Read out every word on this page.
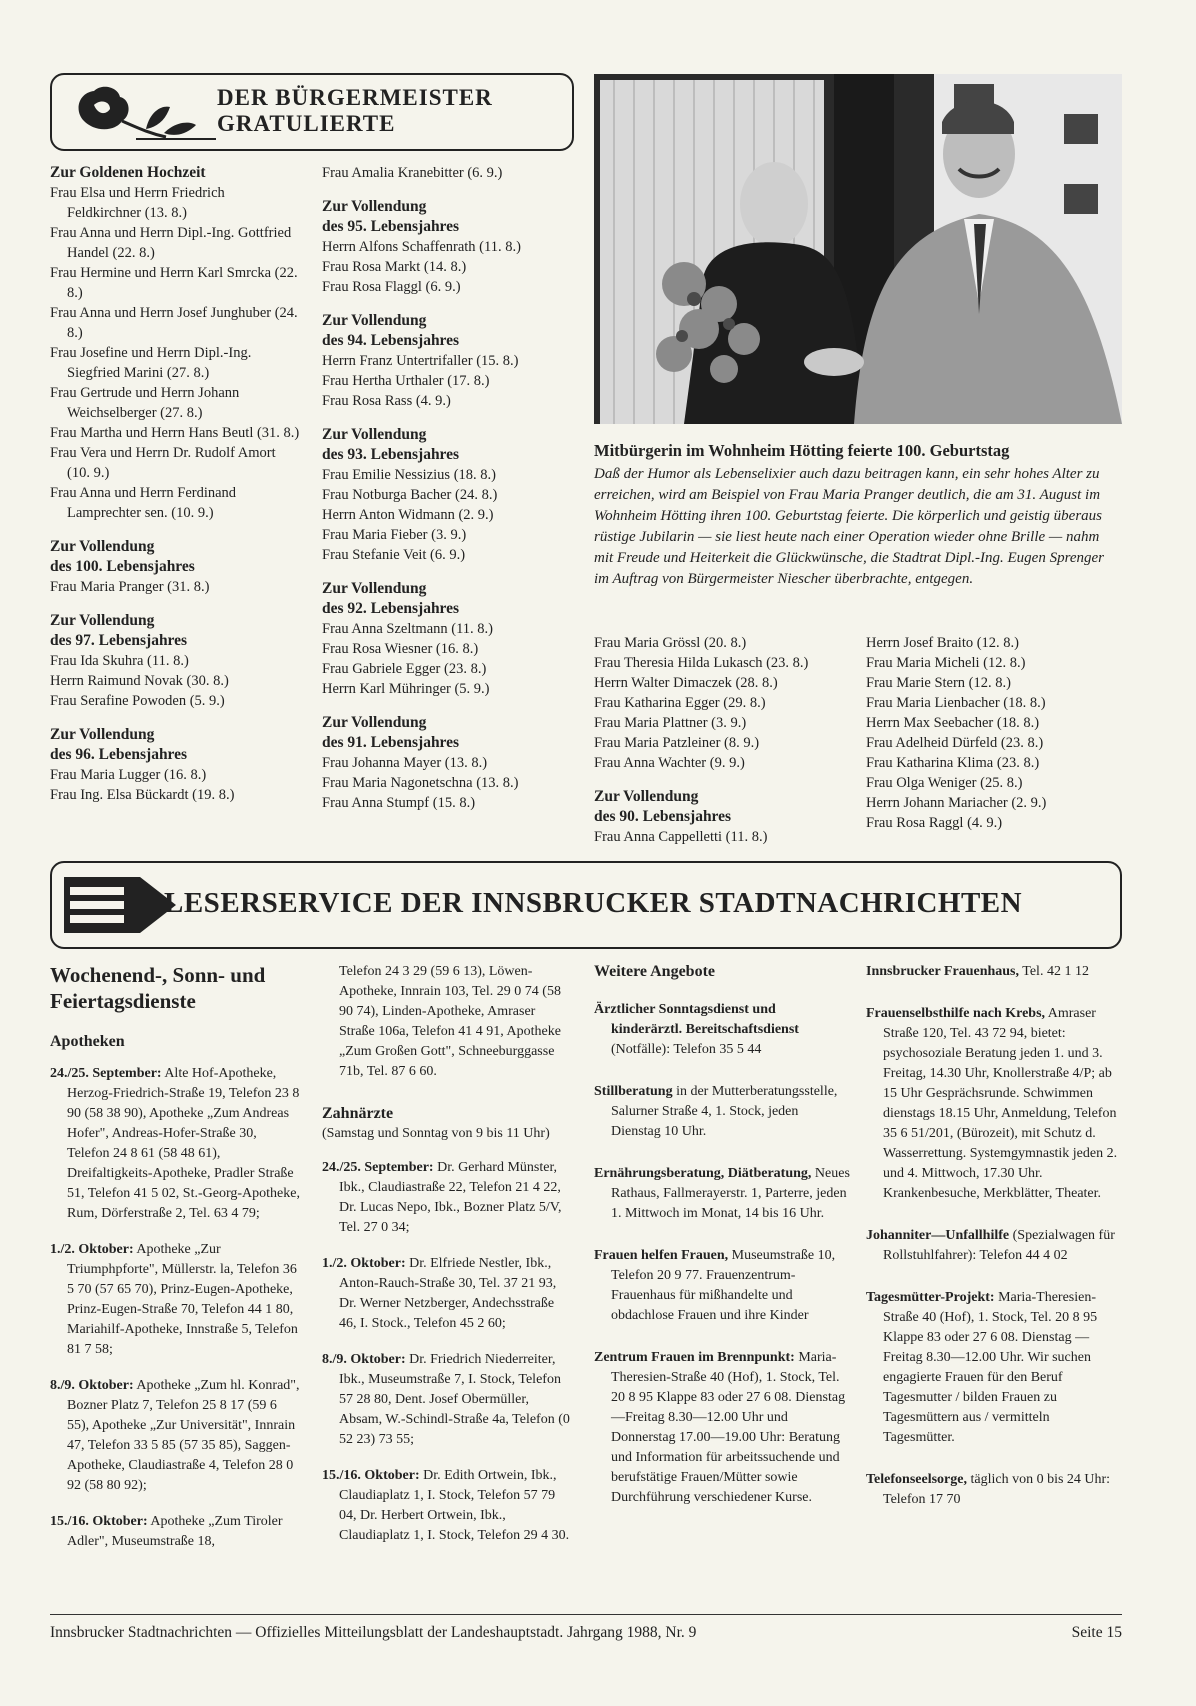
DER BÜRGERMEISTER
GRATULIERTE
Zur Goldenen Hochzeit

Frau Elsa und Herrn Friedrich Feldkirchner (13. 8.)

Frau Anna und Herrn Dipl.-Ing. Gottfried Handel (22. 8.)

Frau Hermine und Herrn Karl Smrcka (22. 8.)

Frau Anna und Herrn Josef Junghuber (24. 8.)

Frau Josefine und Herrn Dipl.-Ing. Siegfried Marini (27. 8.)

Frau Gertrude und Herrn Johann Weichselberger (27. 8.)

Frau Martha und Herrn Hans Beutl (31. 8.)

Frau Vera und Herrn Dr. Rudolf Amort (10. 9.)

Frau Anna und Herrn Ferdinand Lamprechter sen. (10. 9.)

Zur Vollendung
des 100. Lebensjahres

Frau Maria Pranger (31. 8.)

Zur Vollendung
des 97. Lebensjahres

Frau Ida Skuhra (11. 8.)

Herrn Raimund Novak (30. 8.)

Frau Serafine Powoden (5. 9.)

Zur Vollendung
des 96. Lebensjahres

Frau Maria Lugger (16. 8.)

Frau Ing. Elsa Bückardt (19. 8.)

Frau Amalia Kranebitter (6. 9.)

Zur Vollendung
des 95. Lebensjahres

Herrn Alfons Schaffenrath (11. 8.)

Frau Rosa Markt (14. 8.)

Frau Rosa Flaggl (6. 9.)

Zur Vollendung
des 94. Lebensjahres

Herrn Franz Untertrifaller (15. 8.)

Frau Hertha Urthaler (17. 8.)

Frau Rosa Rass (4. 9.)

Zur Vollendung
des 93. Lebensjahres

Frau Emilie Nessizius (18. 8.)

Frau Notburga Bacher (24. 8.)

Herrn Anton Widmann (2. 9.)

Frau Maria Fieber (3. 9.)

Frau Stefanie Veit (6. 9.)

Zur Vollendung
des 92. Lebensjahres

Frau Anna Szeltmann (11. 8.)

Frau Rosa Wiesner (16. 8.)

Frau Gabriele Egger (23. 8.)

Herrn Karl Mühringer (5. 9.)

Zur Vollendung
des 91. Lebensjahres

Frau Johanna Mayer (13. 8.)

Frau Maria Nagonetschna (13. 8.)

Frau Anna Stumpf (15. 8.)

Mitbürgerin im Wohnheim Hötting feierte 100. Geburtstag
Daß der Humor als Lebenselixier auch dazu beitragen kann, ein sehr hohes Alter zu erreichen, wird am Beispiel von Frau Maria Pranger deutlich, die am 31. August im Wohnheim Hötting ihren 100. Geburtstag feierte. Die körperlich und geistig überaus rüstige Jubilarin — sie liest heute nach einer Operation wieder ohne Brille — nahm mit Freude und Heiterkeit die Glückwünsche, die Stadtrat Dipl.-Ing. Eugen Sprenger im Auftrag von Bürgermeister Niescher überbrachte, entgegen.

Frau Maria Grössl (20. 8.)

Frau Theresia Hilda Lukasch (23. 8.)

Herrn Walter Dimaczek (28. 8.)

Frau Katharina Egger (29. 8.)

Frau Maria Plattner (3. 9.)

Frau Maria Patzleiner (8. 9.)

Frau Anna Wachter (9. 9.)

Zur Vollendung
des 90. Lebensjahres

Frau Anna Cappelletti (11. 8.)

Herrn Josef Braito (12. 8.)

Frau Maria Micheli (12. 8.)

Frau Marie Stern (12. 8.)

Frau Maria Lienbacher (18. 8.)

Herrn Max Seebacher (18. 8.)

Frau Adelheid Dürfeld (23. 8.)

Frau Katharina Klima (23. 8.)

Frau Olga Weniger (25. 8.)

Herrn Johann Mariacher (2. 9.)

Frau Rosa Raggl (4. 9.)

LESERSERVICE DER INNSBRUCKER STADTNACHRICHTEN
Wochenend-, Sonn- und Feiertagsdienste
Apotheken

24./25. September: Alte Hof-Apotheke, Herzog-Friedrich-Straße 19, Telefon 23 8 90 (58 38 90), Apotheke „Zum Andreas Hofer", Andreas-Hofer-Straße 30, Telefon 24 8 61 (58 48 61), Dreifaltigkeits-Apotheke, Pradler Straße 51, Telefon 41 5 02, St.-Georg-Apotheke, Rum, Dörferstraße 2, Tel. 63 4 79;

1./2. Oktober: Apotheke „Zur Triumphpforte", Müllerstr. la, Telefon 36 5 70 (57 65 70), Prinz-Eugen-Apotheke, Prinz-Eugen-Straße 70, Telefon 44 1 80, Mariahilf-Apotheke, Innstraße 5, Telefon 81 7 58;

8./9. Oktober: Apotheke „Zum hl. Konrad", Bozner Platz 7, Telefon 25 8 17 (59 6 55), Apotheke „Zur Universität", Innrain 47, Telefon 33 5 85 (57 35 85), Saggen-Apotheke, Claudiastraße 4, Telefon 28 0 92 (58 80 92);

15./16. Oktober: Apotheke „Zum Tiroler Adler", Museumstraße 18,

Telefon 24 3 29 (59 6 13), Löwen-Apotheke, Innrain 103, Tel. 29 0 74 (58 90 74), Linden-Apotheke, Amraser Straße 106a, Telefon 41 4 91, Apotheke „Zum Großen Gott", Schneeburggasse 71b, Tel. 87 6 60.

Zahnärzte

(Samstag und Sonntag von 9 bis 11 Uhr)

24./25. September: Dr. Gerhard Münster, Ibk., Claudiastraße 22, Telefon 21 4 22, Dr. Lucas Nepo, Ibk., Bozner Platz 5/V, Tel. 27 0 34;

1./2. Oktober: Dr. Elfriede Nestler, Ibk., Anton-Rauch-Straße 30, Tel. 37 21 93, Dr. Werner Netzberger, Andechsstraße 46, I. Stock., Telefon 45 2 60;

8./9. Oktober: Dr. Friedrich Niederreiter, Ibk., Museumstraße 7, I. Stock, Telefon 57 28 80, Dent. Josef Obermüller, Absam, W.-Schindl-Straße 4a, Telefon (0 52 23) 73 55;

15./16. Oktober: Dr. Edith Ortwein, Ibk., Claudiaplatz 1, I. Stock, Telefon 57 79 04, Dr. Herbert Ortwein, Ibk., Claudiaplatz 1, I. Stock, Telefon 29 4 30.

Weitere Angebote

Ärztlicher Sonntagsdienst und kinderärztl. Bereitschaftsdienst (Notfälle): Telefon 35 5 44

Stillberatung in der Mutterberatungsstelle, Salurner Straße 4, 1. Stock, jeden Dienstag 10 Uhr.

Ernährungsberatung, Diätberatung, Neues Rathaus, Fallmerayerstr. 1, Parterre, jeden 1. Mittwoch im Monat, 14 bis 16 Uhr.

Frauen helfen Frauen, Museumstraße 10, Telefon 20 9 77. Frauenzentrum-Frauenhaus für mißhandelte und obdachlose Frauen und ihre Kinder

Zentrum Frauen im Brennpunkt: Maria-Theresien-Straße 40 (Hof), 1. Stock, Tel. 20 8 95 Klappe 83 oder 27 6 08. Dienstag—Freitag 8.30—12.00 Uhr und Donnerstag 17.00—19.00 Uhr: Beratung und Information für arbeitssuchende und berufstätige Frauen/Mütter sowie Durchführung verschiedener Kurse.

Innsbrucker Frauenhaus, Tel. 42 1 12

Frauenselbsthilfe nach Krebs, Amraser Straße 120, Tel. 43 72 94, bietet: psychosoziale Beratung jeden 1. und 3. Freitag, 14.30 Uhr, Knollerstraße 4/P; ab 15 Uhr Gesprächsrunde. Schwimmen dienstags 18.15 Uhr, Anmeldung, Telefon 35 6 51/201, (Bürozeit), mit Schutz d. Wasserrettung. Systemgymnastik jeden 2. und 4. Mittwoch, 17.30 Uhr. Krankenbesuche, Merkblätter, Theater.

Johanniter—Unfallhilfe (Spezialwagen für Rollstuhlfahrer): Telefon 44 4 02

Tagesmütter-Projekt: Maria-Theresien-Straße 40 (Hof), 1. Stock, Tel. 20 8 95 Klappe 83 oder 27 6 08. Dienstag — Freitag 8.30—12.00 Uhr. Wir suchen engagierte Frauen für den Beruf Tagesmutter / bilden Frauen zu Tagesmüttern aus / vermitteln Tagesmütter.

Telefonseelsorge, täglich von 0 bis 24 Uhr: Telefon 17 70

Innsbrucker Stadtnachrichten — Offizielles Mitteilungsblatt der Landeshauptstadt. Jahrgang 1988, Nr. 9	Seite 15
